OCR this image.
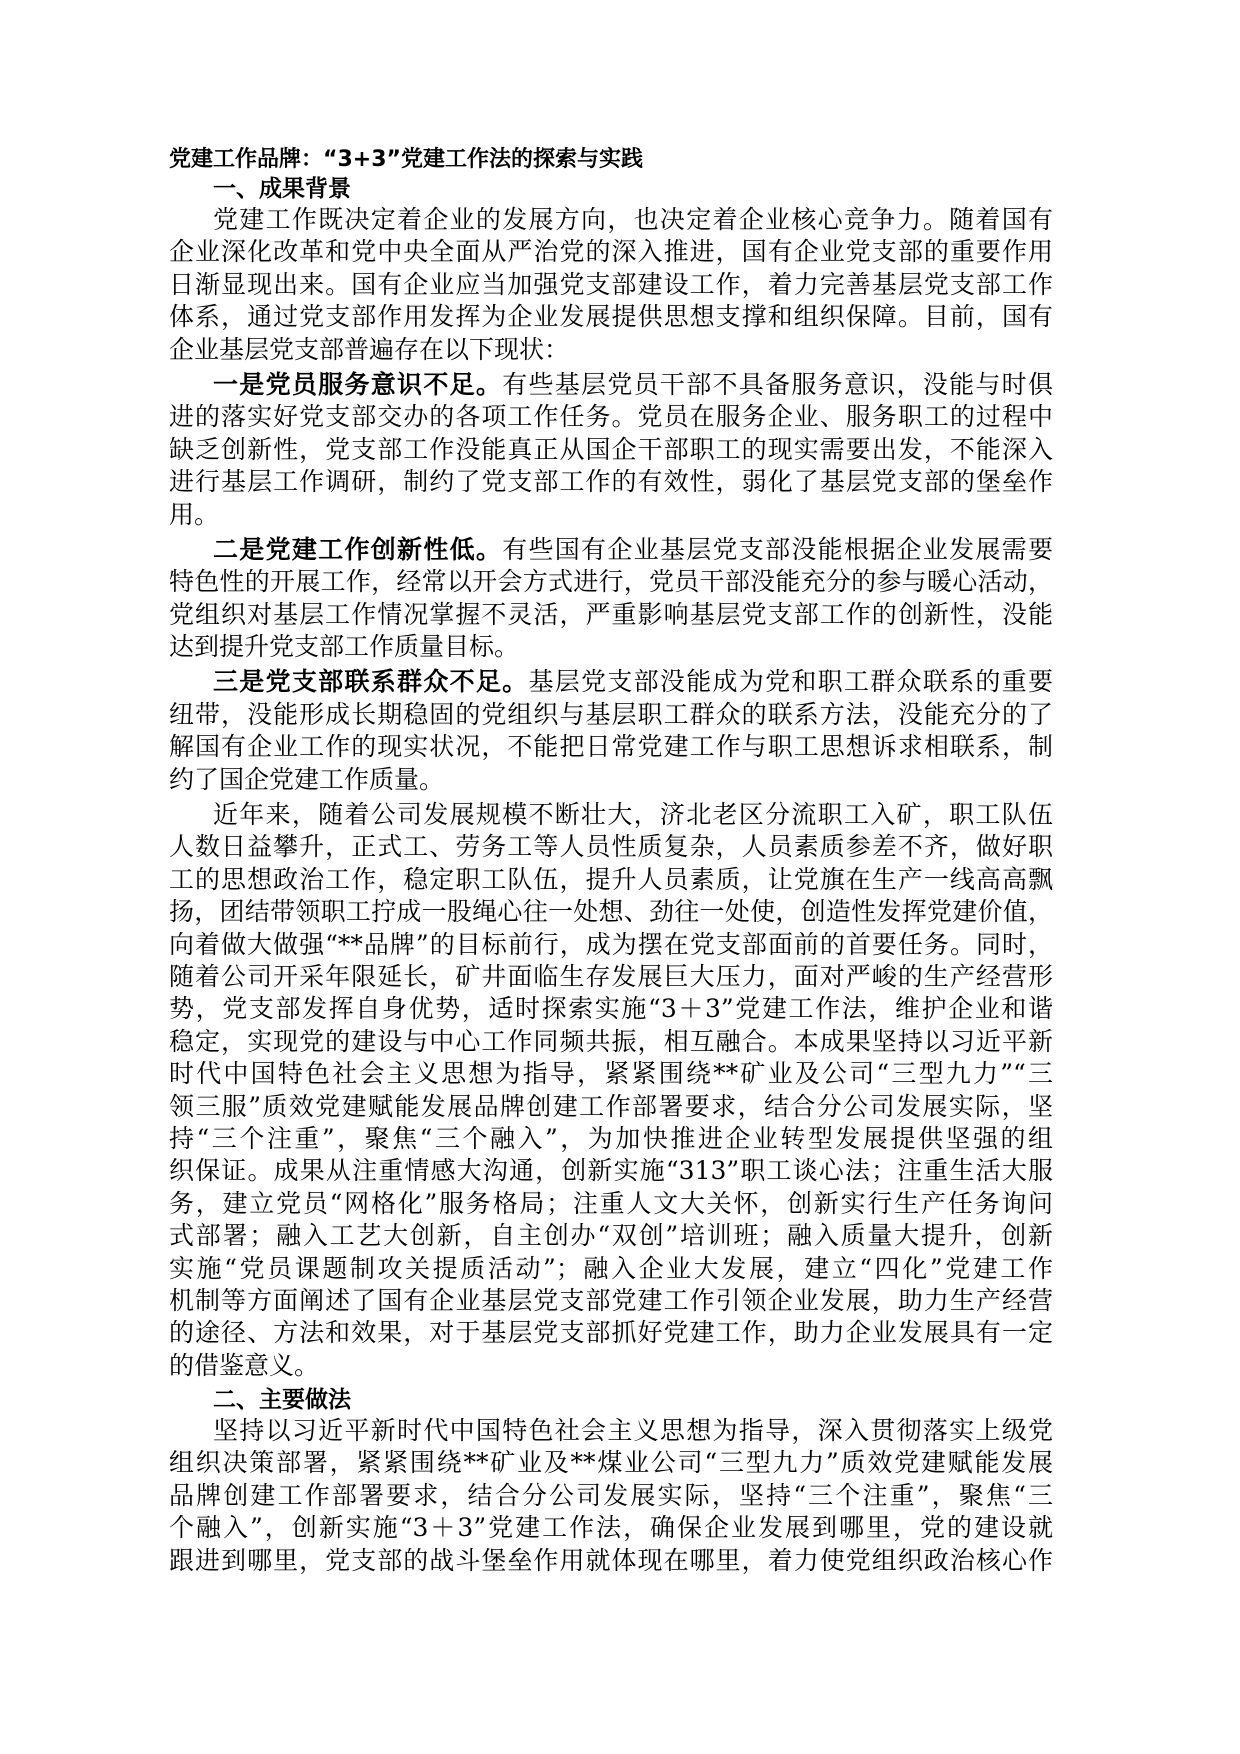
党建工作品牌：“3+3”党建工作法的探索与实践
一、成果背景
党建工作既决定着企业的发展方向，也决定着企业核心竞争力。随着国有
企业深化改革和党中央全面从严治党的深入推进，国有企业党支部的重要作用
日渐显现出来。国有企业应当加强党支部建设工作，着力完善基层党支部工作
体系，通过党支部作用发挥为企业发展提供思想支撑和组织保障。目前，国有
企业基层党支部普遍存在以下现状：
一是党员服务意识不足。有些基层党员干部不具备服务意识，没能与时俱
进的落实好党支部交办的各项工作任务。党员在服务企业、服务职工的过程中
缺乏创新性，党支部工作没能真正从国企干部职工的现实需要出发，不能深入
进行基层工作调研，制约了党支部工作的有效性，弱化了基层党支部的堡垒作
用。
二是党建工作创新性低。有些国有企业基层党支部没能根据企业发展需要
特色性的开展工作，经常以开会方式进行，党员干部没能充分的参与暖心活动，
党组织对基层工作情况掌握不灵活，严重影响基层党支部工作的创新性，没能
达到提升党支部工作质量目标。
三是党支部联系群众不足。基层党支部没能成为党和职工群众联系的重要
纽带，没能形成长期稳固的党组织与基层职工群众的联系方法，没能充分的了
解国有企业工作的现实状况，不能把日常党建工作与职工思想诉求相联系，制
约了国企党建工作质量。
近年来，随着公司发展规模不断壮大，济北老区分流职工入矿，职工队伍
人数日益攀升，正式工、劳务工等人员性质复杂，人员素质参差不齐，做好职
工的思想政治工作，稳定职工队伍，提升人员素质，让党旗在生产一线高高飘
扬，团结带领职工拧成一股绳心往一处想、劲往一处使，创造性发挥党建价值，
向着做大做强“**品牌”的目标前行，成为摆在党支部面前的首要任务。同时，
随着公司开采年限延长，矿井面临生存发展巨大压力，面对严峻的生产经营形
势，党支部发挥自身优势，适时探索实施“3＋3”党建工作法，维护企业和谐
稳定，实现党的建设与中心工作同频共振，相互融合。本成果坚持以习近平新
时代中国特色社会主义思想为指导，紧紧围绕**矿业及公司“三型九力”“三
领三服”质效党建赋能发展品牌创建工作部署要求，结合分公司发展实际，坚
持“三个注重”，聚焦“三个融入”，为加快推进企业转型发展提供坚强的组
织保证。成果从注重情感大沟通，创新实施“313”职工谈心法；注重生活大服
务，建立党员“网格化”服务格局；注重人文大关怀，创新实行生产任务询问
式部署；融入工艺大创新，自主创办“双创”培训班；融入质量大提升，创新
实施“党员课题制攻关提质活动”；融入企业大发展，建立“四化”党建工作
机制等方面阐述了国有企业基层党支部党建工作引领企业发展，助力生产经营
的途径、方法和效果，对于基层党支部抓好党建工作，助力企业发展具有一定
的借鉴意义。
二、主要做法
坚持以习近平新时代中国特色社会主义思想为指导，深入贯彻落实上级党
组织决策部署，紧紧围绕**矿业及**煤业公司“三型九力”质效党建赋能发展
品牌创建工作部署要求，结合分公司发展实际，坚持“三个注重”，聚焦“三
个融入”，创新实施“3＋3”党建工作法，确保企业发展到哪里，党的建设就
跟进到哪里，党支部的战斗堡垒作用就体现在哪里，着力使党组织政治核心作
